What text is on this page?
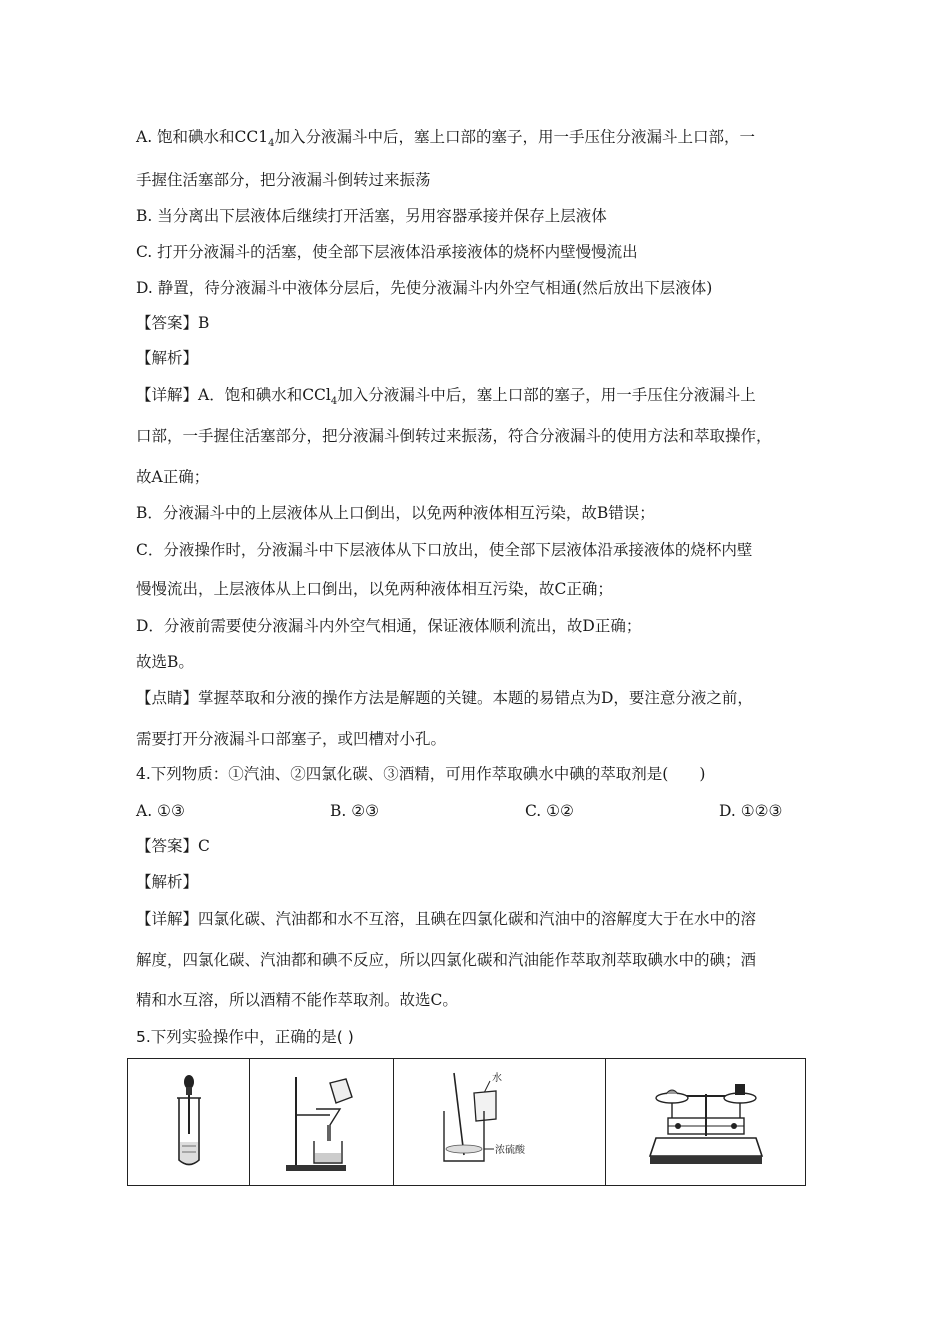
A. 饱和碘水和$CC1_4$加入分液漏斗中后，塞上口部的塞子，用一手压住分液漏斗上口部，一
手握住活塞部分，把分液漏斗倒转过来振荡
B. 当分离出下层液体后继续打开活塞，另用容器承接并保存上层液体
C. 打开分液漏斗的活塞，使全部下层液体沿承接液体的烧杯内壁慢慢流出
D. 静置，待分液漏斗中液体分层后，先使分液漏斗内外空气相通(然后放出下层液体)
【答案】B
【解析】
【详解】A．饱和碘水和CCl$_4$加入分液漏斗中后，塞上口部的塞子，用一手压住分液漏斗上
口部，一手握住活塞部分，把分液漏斗倒转过来振荡，符合分液漏斗的使用方法和萃取操作，
故A正确；
B．分液漏斗中的上层液体从上口倒出，以免两种液体相互污染，故B错误；
C．分液操作时，分液漏斗中下层液体从下口放出，使全部下层液体沿承接液体的烧杯内壁
慢慢流出，上层液体从上口倒出，以免两种液体相互污染，故C正确；
D．分液前需要使分液漏斗内外空气相通，保证液体顺利流出，故D正确；
故选B。
【点睛】掌握萃取和分液的操作方法是解题的关键。本题的易错点为D，要注意分液之前，
需要打开分液漏斗口部塞子，或凹槽对小孔。
4.下列物质：①汽油、②四氯化碳、③酒精，可用作萃取碘水中碘的萃取剂是(　　)
A. ①③	B. ②③	C. ①②	D. ①②③
【答案】C
【解析】
【详解】四氯化碳、汽油都和水不互溶，且碘在四氯化碳和汽油中的溶解度大于在水中的溶
解度，四氯化碳、汽油都和碘不反应，所以四氯化碳和汽油能作萃取剂萃取碘水中的碘；酒
精和水互溶，所以酒精不能作萃取剂。故选C。
5.下列实验操作中，正确的是( )

水
浓硫酸
